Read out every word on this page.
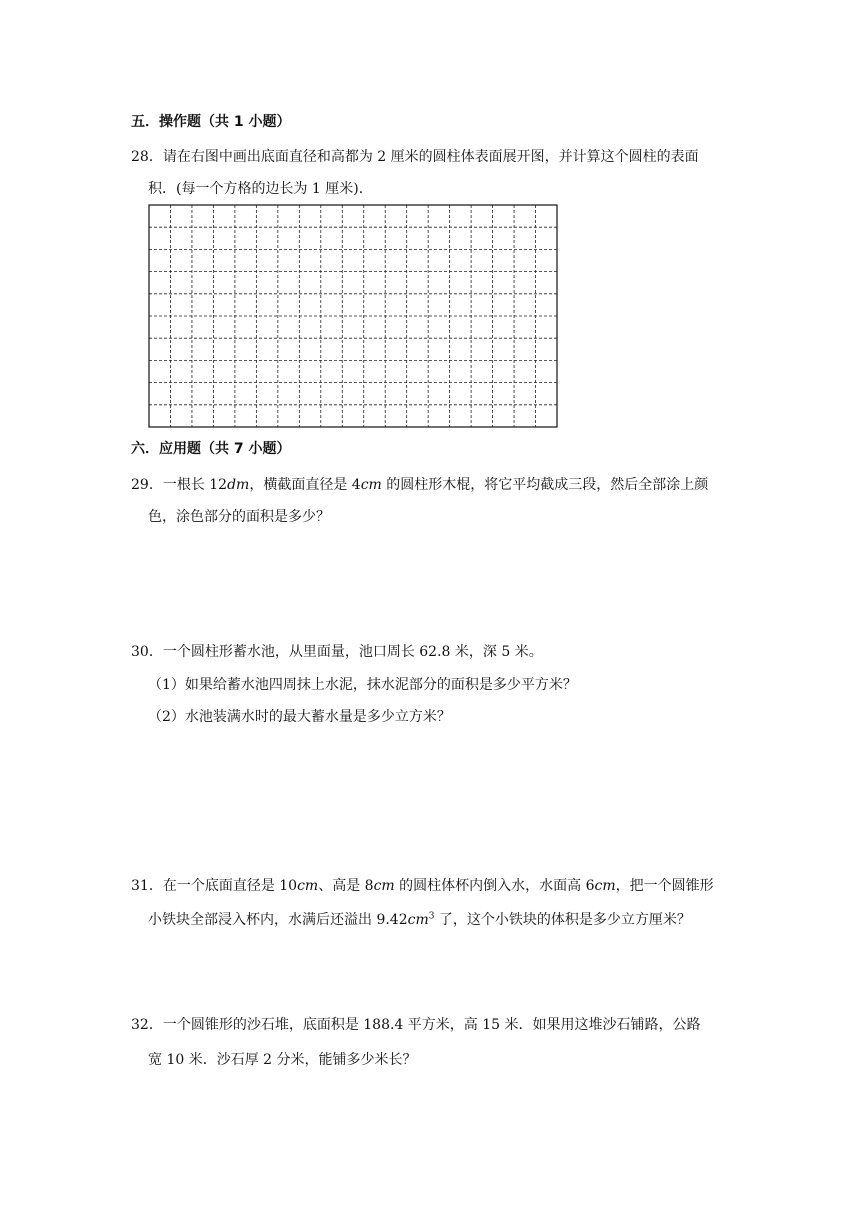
五．操作题（共 1 小题）
28．请在右图中画出底面直径和高都为 2 厘米的圆柱体表面展开图，并计算这个圆柱的表面
积．(每一个方格的边长为 1 厘米)．
六．应用题（共 7 小题）
29．一根长 12dm，横截面直径是 4cm 的圆柱形木棍，将它平均截成三段，然后全部涂上颜
色，涂色部分的面积是多少？
30．一个圆柱形蓄水池，从里面量，池口周长 62.8 米，深 5 米。
（1）如果给蓄水池四周抹上水泥，抹水泥部分的面积是多少平方米？
（2）水池装满水时的最大蓄水量是多少立方米？
31．在一个底面直径是 10cm、高是 8cm 的圆柱体杯内倒入水，水面高 6cm，把一个圆锥形
小铁块全部浸入杯内，水满后还溢出 $9.42cm^3$ 了，这个小铁块的体积是多少立方厘米？
32．一个圆锥形的沙石堆，底面积是 188.4 平方米，高 15 米．如果用这堆沙石铺路，公路
宽 10 米．沙石厚 2 分米，能铺多少米长？
